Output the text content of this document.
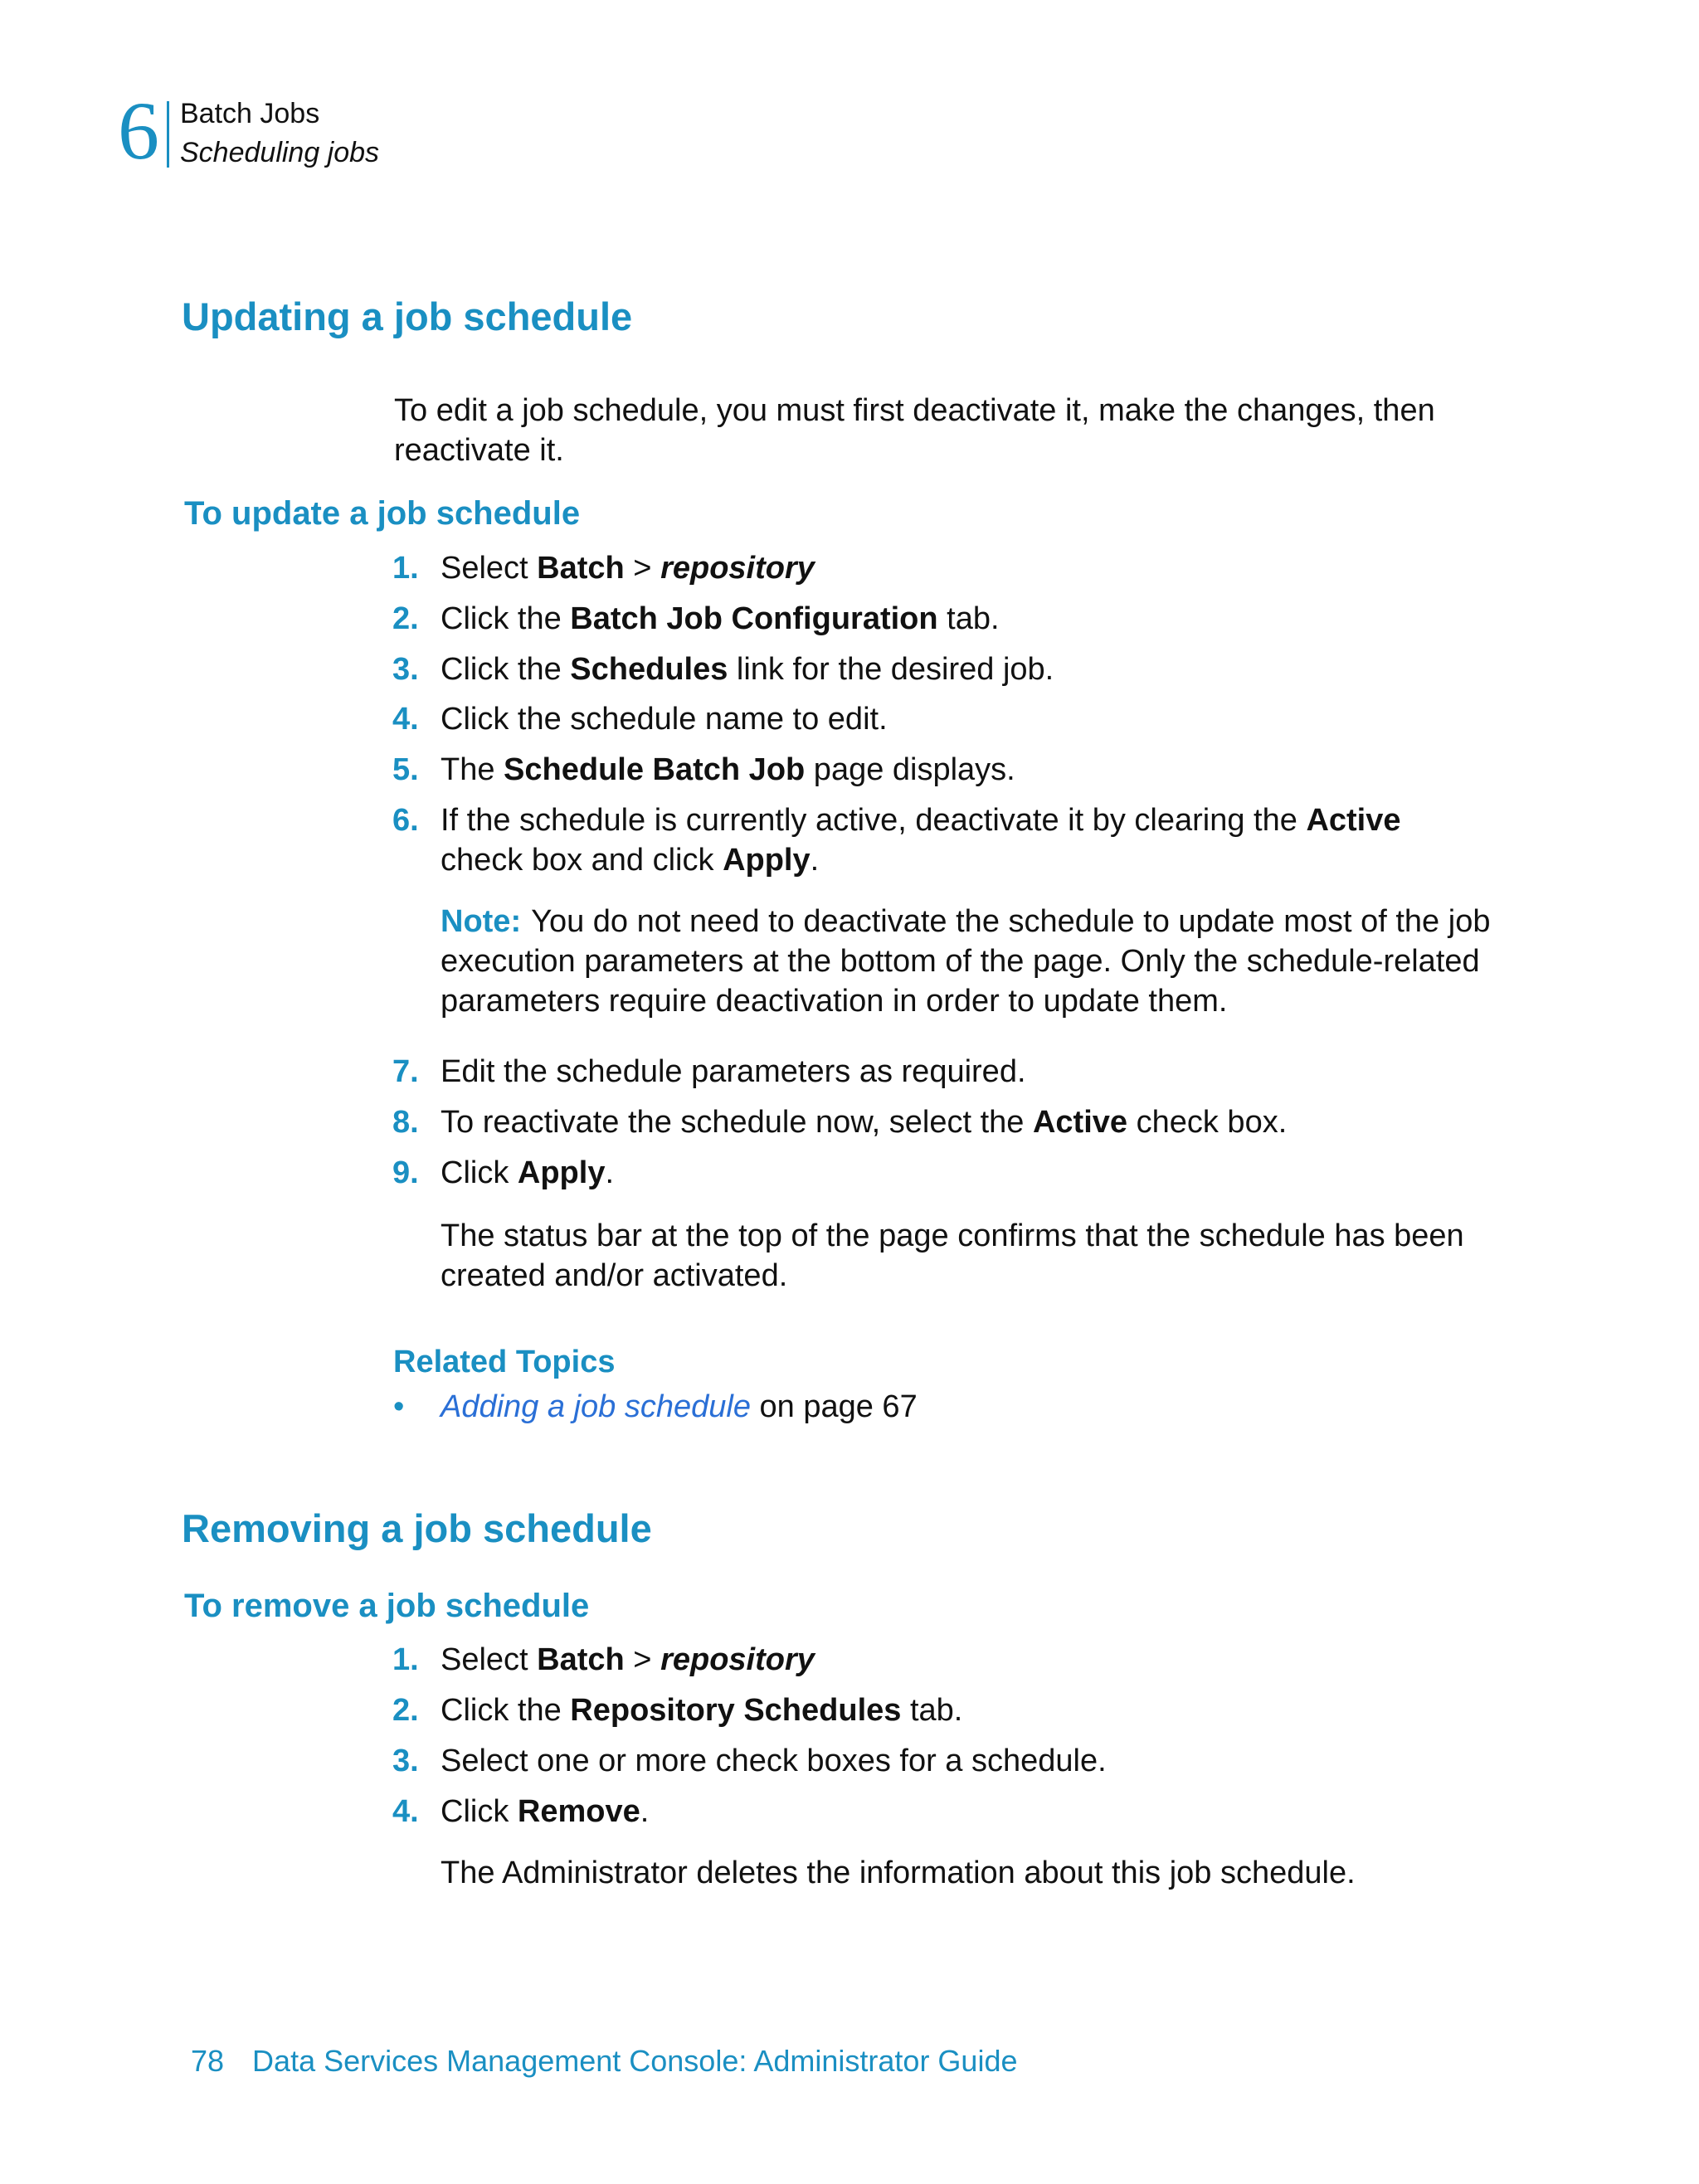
6 Batch Jobs
Scheduling jobs
Updating a job schedule
To edit a job schedule, you must first deactivate it, make the changes, then reactivate it.
To update a job schedule
1. Select Batch > repository
2. Click the Batch Job Configuration tab.
3. Click the Schedules link for the desired job.
4. Click the schedule name to edit.
5. The Schedule Batch Job page displays.
6. If the schedule is currently active, deactivate it by clearing the Active
check box and click Apply.
Note: You do not need to deactivate the schedule to update most of the job execution parameters at the bottom of the page. Only the schedule-related parameters require deactivation in order to update them.
7. Edit the schedule parameters as required.
8. To reactivate the schedule now, select the Active check box.
9. Click Apply.
The status bar at the top of the page confirms that the schedule has been created and/or activated.
Related Topics
•	Adding a job schedule on page 67
Removing a job schedule
To remove a job schedule
1. Select Batch > repository
2. Click the Repository Schedules tab.
3. Select one or more check boxes for a schedule.
4. Click Remove.
The Administrator deletes the information about this job schedule.
78 Data Services Management Console: Administrator Guide
